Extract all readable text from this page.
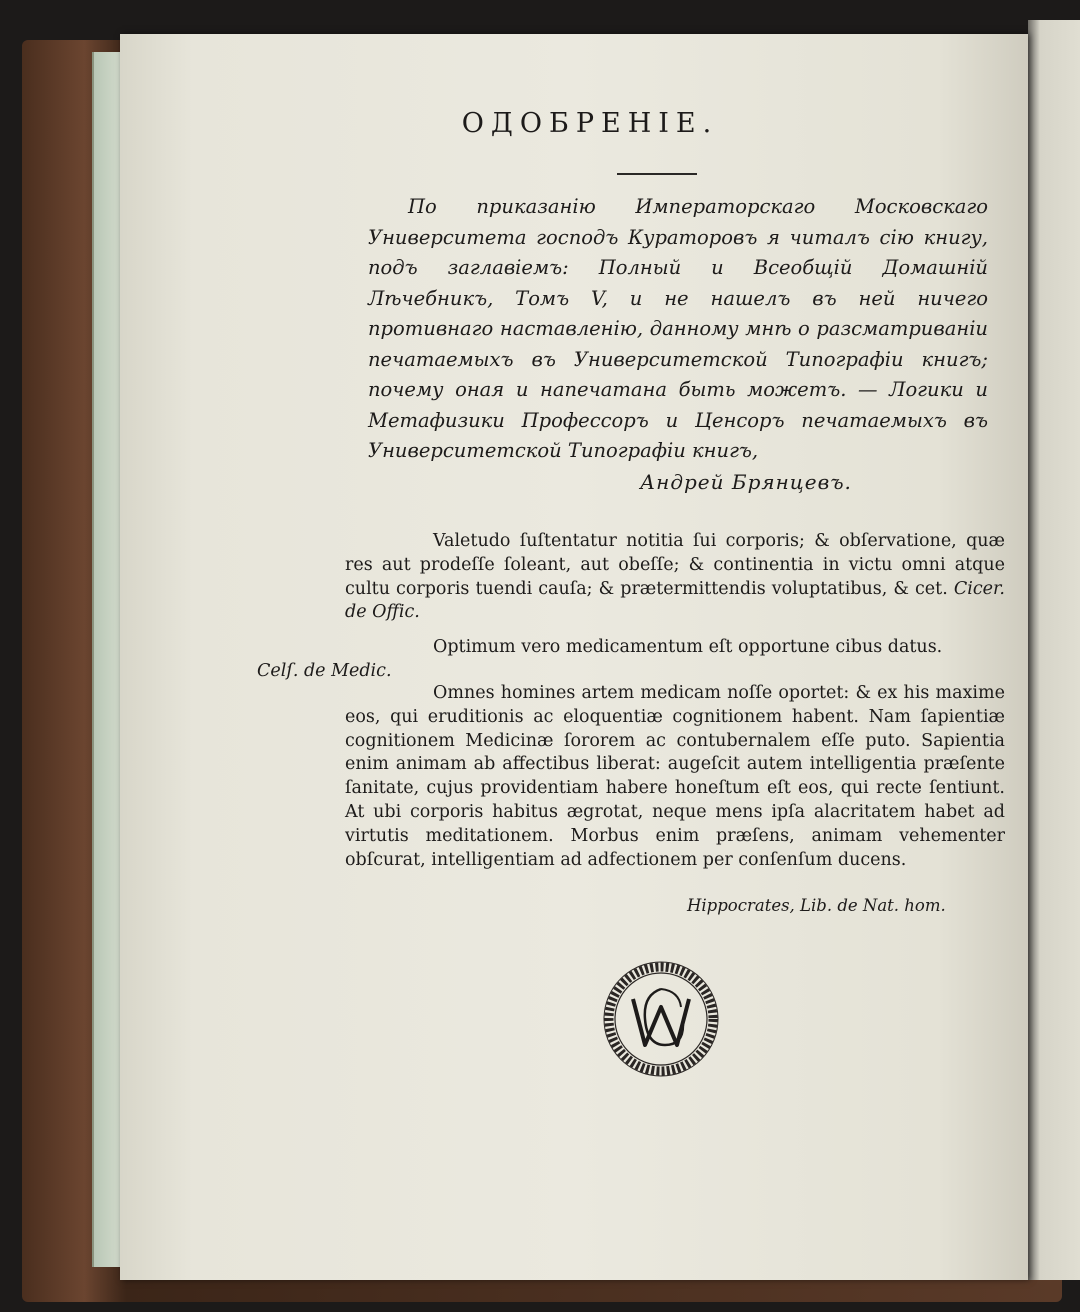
ОДОБРЕНІЕ.
По приказанію Императорскаго Московскаго Университета господъ Кураторовъ я читалъ сію книгу, подъ заглавіемъ: Полный и Всеобщій Домашній Лѣчебникъ, Томъ V, и не нашелъ въ ней ничего противнаго наставленію, данному мнѣ о разсматриваніи печатаемыхъ въ Университетской Типографіи книгъ; почему оная и напечатана быть можетъ. — Логики и Метафизики Профессоръ и Ценсоръ печатаемыхъ въ Университетской Типографіи книгъ,
Андрей Брянцевъ.

Valetudo ſuſtentatur notitia ſui corporis; & obſervatione, quæ res aut prodeſſe ſoleant, aut obeſſe; & continentia in victu omni atque cultu corporis tuendi cauſa; & prætermittendis voluptatibus, & cet. Cicer. de Offic.

Optimum vero medicamentum eſt opportune cibus datus.
Celſ. de Medic.

Omnes homines artem medicam noſſe oportet: & ex his maxime eos, qui eruditionis ac eloquentiæ cognitionem habent. Nam ſapientiæ cognitionem Medicinæ ſororem ac contubernalem eſſe puto. Sapientia enim animam ab affectibus liberat: augeſcit autem intelligentia præſente ſanitate, cujus providentiam habere honeſtum eſt eos, qui recte ſentiunt. At ubi corporis habitus ægrotat, neque mens ipſa alacritatem habet ad virtutis meditationem. Morbus enim præſens, animam vehementer obſcurat, intelligentiam ad adfectionem per conſenſum ducens.

Hippocrates, Lib. de Nat. hom.
